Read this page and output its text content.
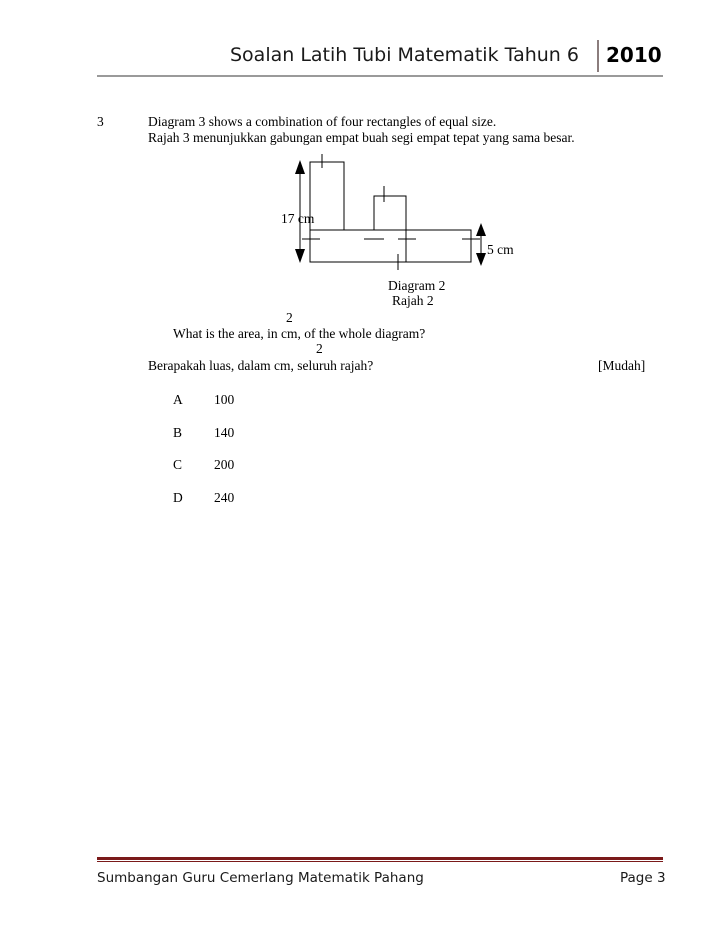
Soalan Latih Tubi Matematik Tahun 6 2010
3	Diagram 3 shows a combination of four rectangles of equal size.
Rajah 3 menunjukkan gabungan empat buah segi empat tepat yang sama besar.
17 cm
5 cm
Diagram 2
Rajah 2
2
What is the area, in cm, of the whole diagram?
2
Berapakah luas, dalam cm, seluruh rajah?	[Mudah]
A 100
B 140
C 200
D 240
Sumbangan Guru Cemerlang Matematik Pahang	Page 3
